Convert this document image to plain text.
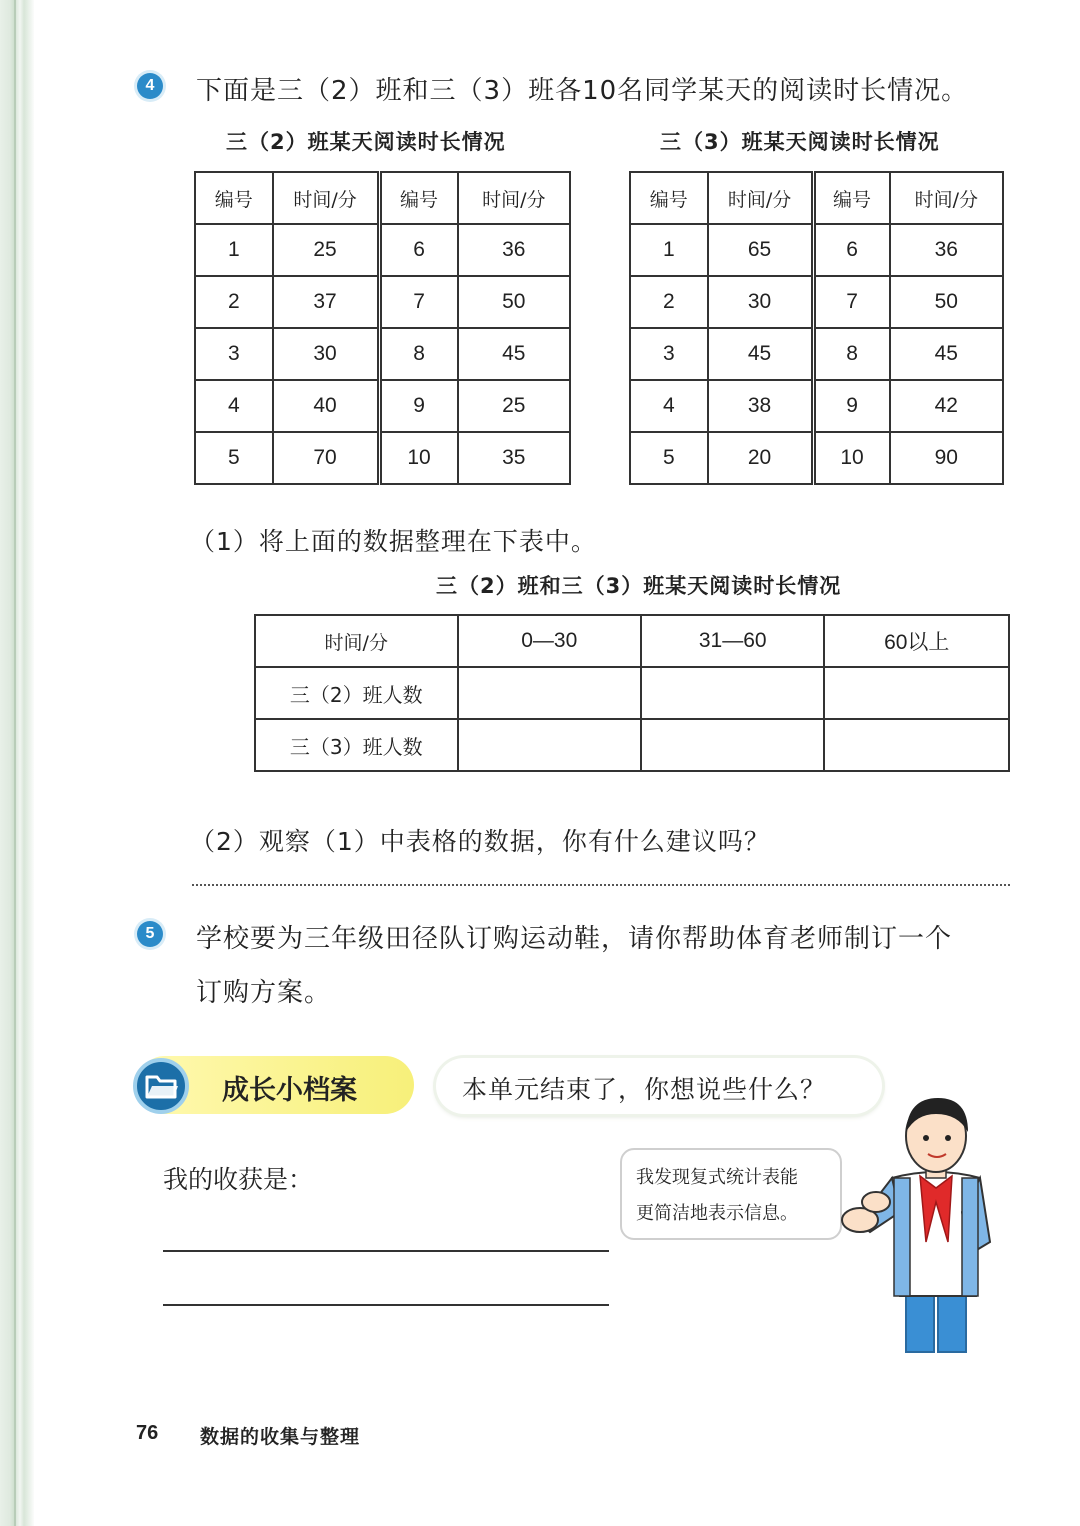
4	下面是三（2）班和三（3）班各10名同学某天的阅读时长情况。
三（2）班某天阅读时长情况	三（3）班某天阅读时长情况
编号	时间/分	编号	时间/分
1	25	6	36
2	37	7	50
3	30	8	45
4	40	9	25
5	70	10	35
编号	时间/分	编号	时间/分
1	65	6	36
2	30	7	50
3	45	8	45
4	38	9	42
5	20	10	90
（1）将上面的数据整理在下表中。
三（2）班和三（3）班某天阅读时长情况
时间/分	0—30	31—60	60以上
三（2）班人数			
三（3）班人数			
（2）观察（1）中表格的数据，你有什么建议吗？
5	学校要为三年级田径队订购运动鞋，请你帮助体育老师制订一个
订购方案。
成长小档案	本单元结束了，你想说些什么？
我的收获是：	我发现复式统计表能
更简洁地表示信息。
76 数据的收集与整理
